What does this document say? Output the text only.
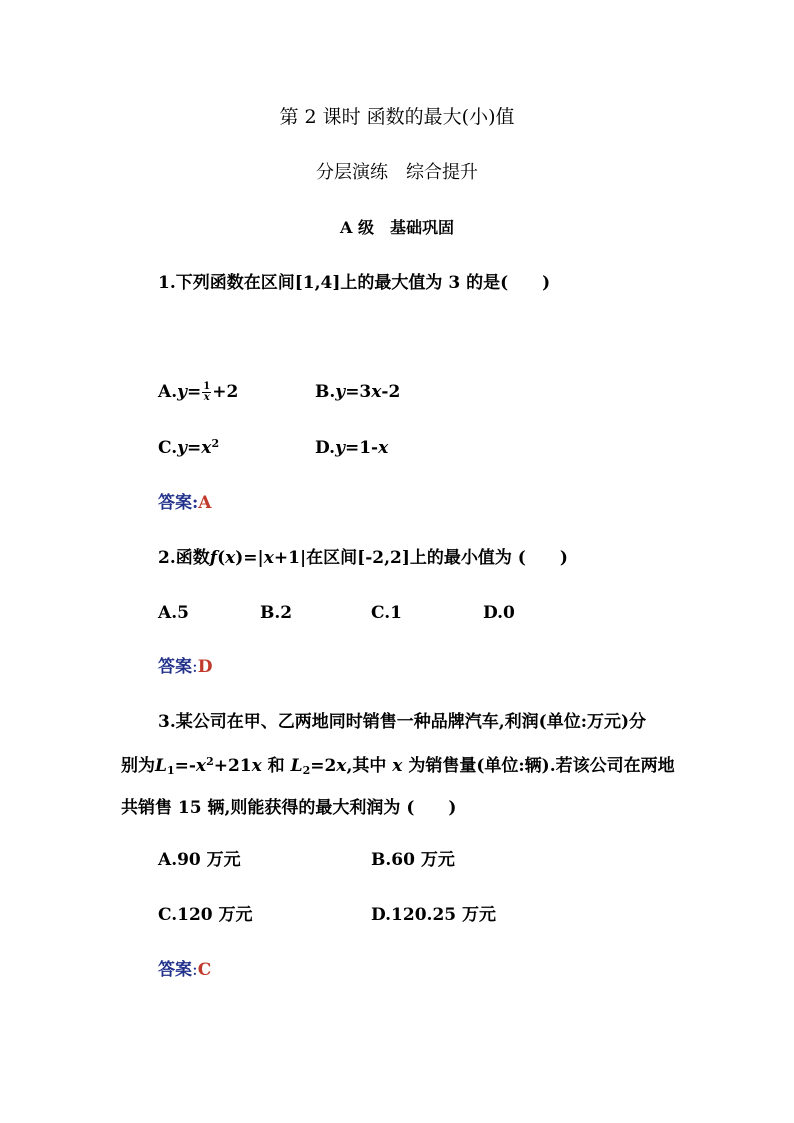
第 2 课时 函数的最大(小)值
分层演练　综合提升
A 级　基础巩固
1.下列函数在区间[1,4]上的最大值为 3 的是(　　)
$A.y= \frac{1}{x} +2$	B.y=3x-2
$C.y=x^2$	D.y=1-x
答案:A
2.函数f(x)=|x+1|在区间[-2,2]上的最小值为 (　　)
A.5	B.2	C.1	D.0
答案:D
3.某公司在甲、乙两地同时销售一种品牌汽车,利润(单位:万元)分
别为$L_1=-x^2+21x$ 和 $L_2=2x$,其中 x 为销售量(单位:辆).若该公司在两地
共销售 15 辆,则能获得的最大利润为 (　　)
A.90 万元	B.60 万元
C.120 万元	D.120.25 万元
答案:C
